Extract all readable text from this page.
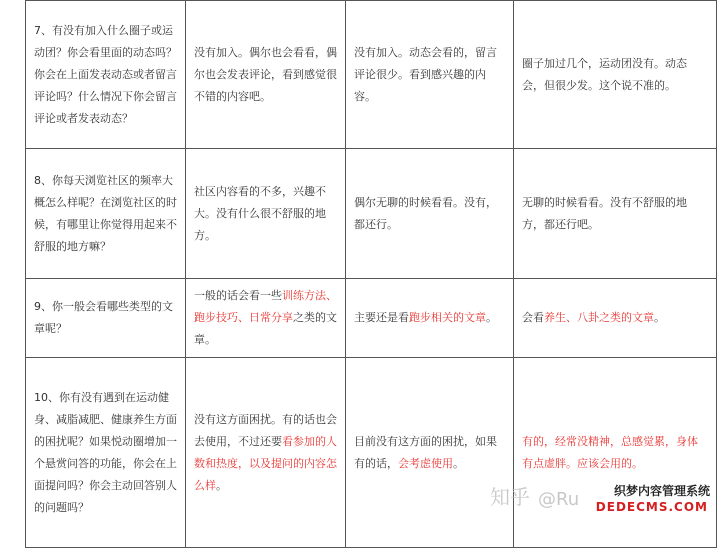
7、有没有加入什么圈子或运动团？你会看里面的动态吗？你会在上面发表动态或者留言评论吗？什么情况下你会留言评论或者发表动态？	没有加入。偶尔也会看看，偶尔也会发表评论，看到感觉很不错的内容吧。	没有加入。动态会看的，留言评论很少。看到感兴趣的内容。	圈子加过几个，运动团没有。动态会，但很少发。这个说不准的。
8、你每天浏览社区的频率大概怎么样呢？在浏览社区的时候，有哪里让你觉得用起来不舒服的地方嘛？	社区内容看的不多，兴趣不大。没有什么很不舒服的地方。	偶尔无聊的时候看看。没有，都还行。	无聊的时候看看。没有不舒服的地方，都还行吧。
9、你一般会看哪些类型的文章呢？	一般的话会看一些训练方法、跑步技巧、日常分享之类的文章。	主要还是看跑步相关的文章。	会看养生、八卦之类的文章。
10、你有没有遇到在运动健身、减脂减肥、健康养生方面的困扰呢？如果悦动圈增加一个悬赏问答的功能，你会在上面提问吗？你会主动回答别人的问题吗？	没有这方面困扰。有的话也会去使用，不过还要看参加的人数和热度，以及提问的内容怎么样。	目前没有这方面的困扰，如果有的话，会考虑使用。	有的，经常没精神，总感觉累，身体有点虚胖。应该会用的。
知乎 @Ru	织梦内容管理系统
DEDECMS.COM
